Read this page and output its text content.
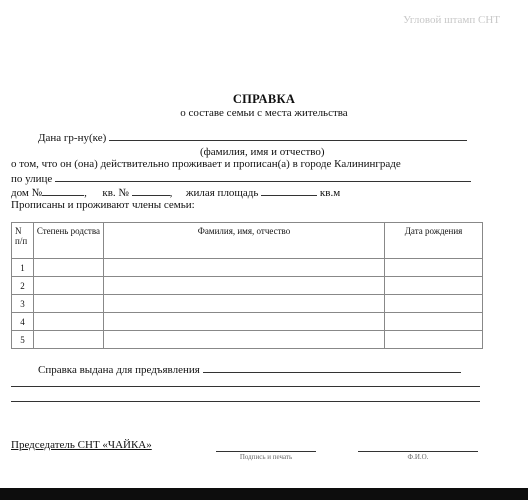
Угловой штамп СНТ
СПРАВКА
о составе семьи с места жительства
Дана гр-ну(ке)
(фамилия, имя и отчество)
о том, что он (она) действительно проживает и прописан(а) в городе Калининграде
по улице
дом №	, кв. №	, жилая площадь	кв.м
Прописаны и проживают члены семьи:
N п/п	Степень родства	Фамилия, имя, отчество	Дата рождения
1			
2			
3			
4			
5			
Справка выдана для предъявления
Председатель СНТ «ЧАЙКА»
Подпись и печать	Ф.И.О.
